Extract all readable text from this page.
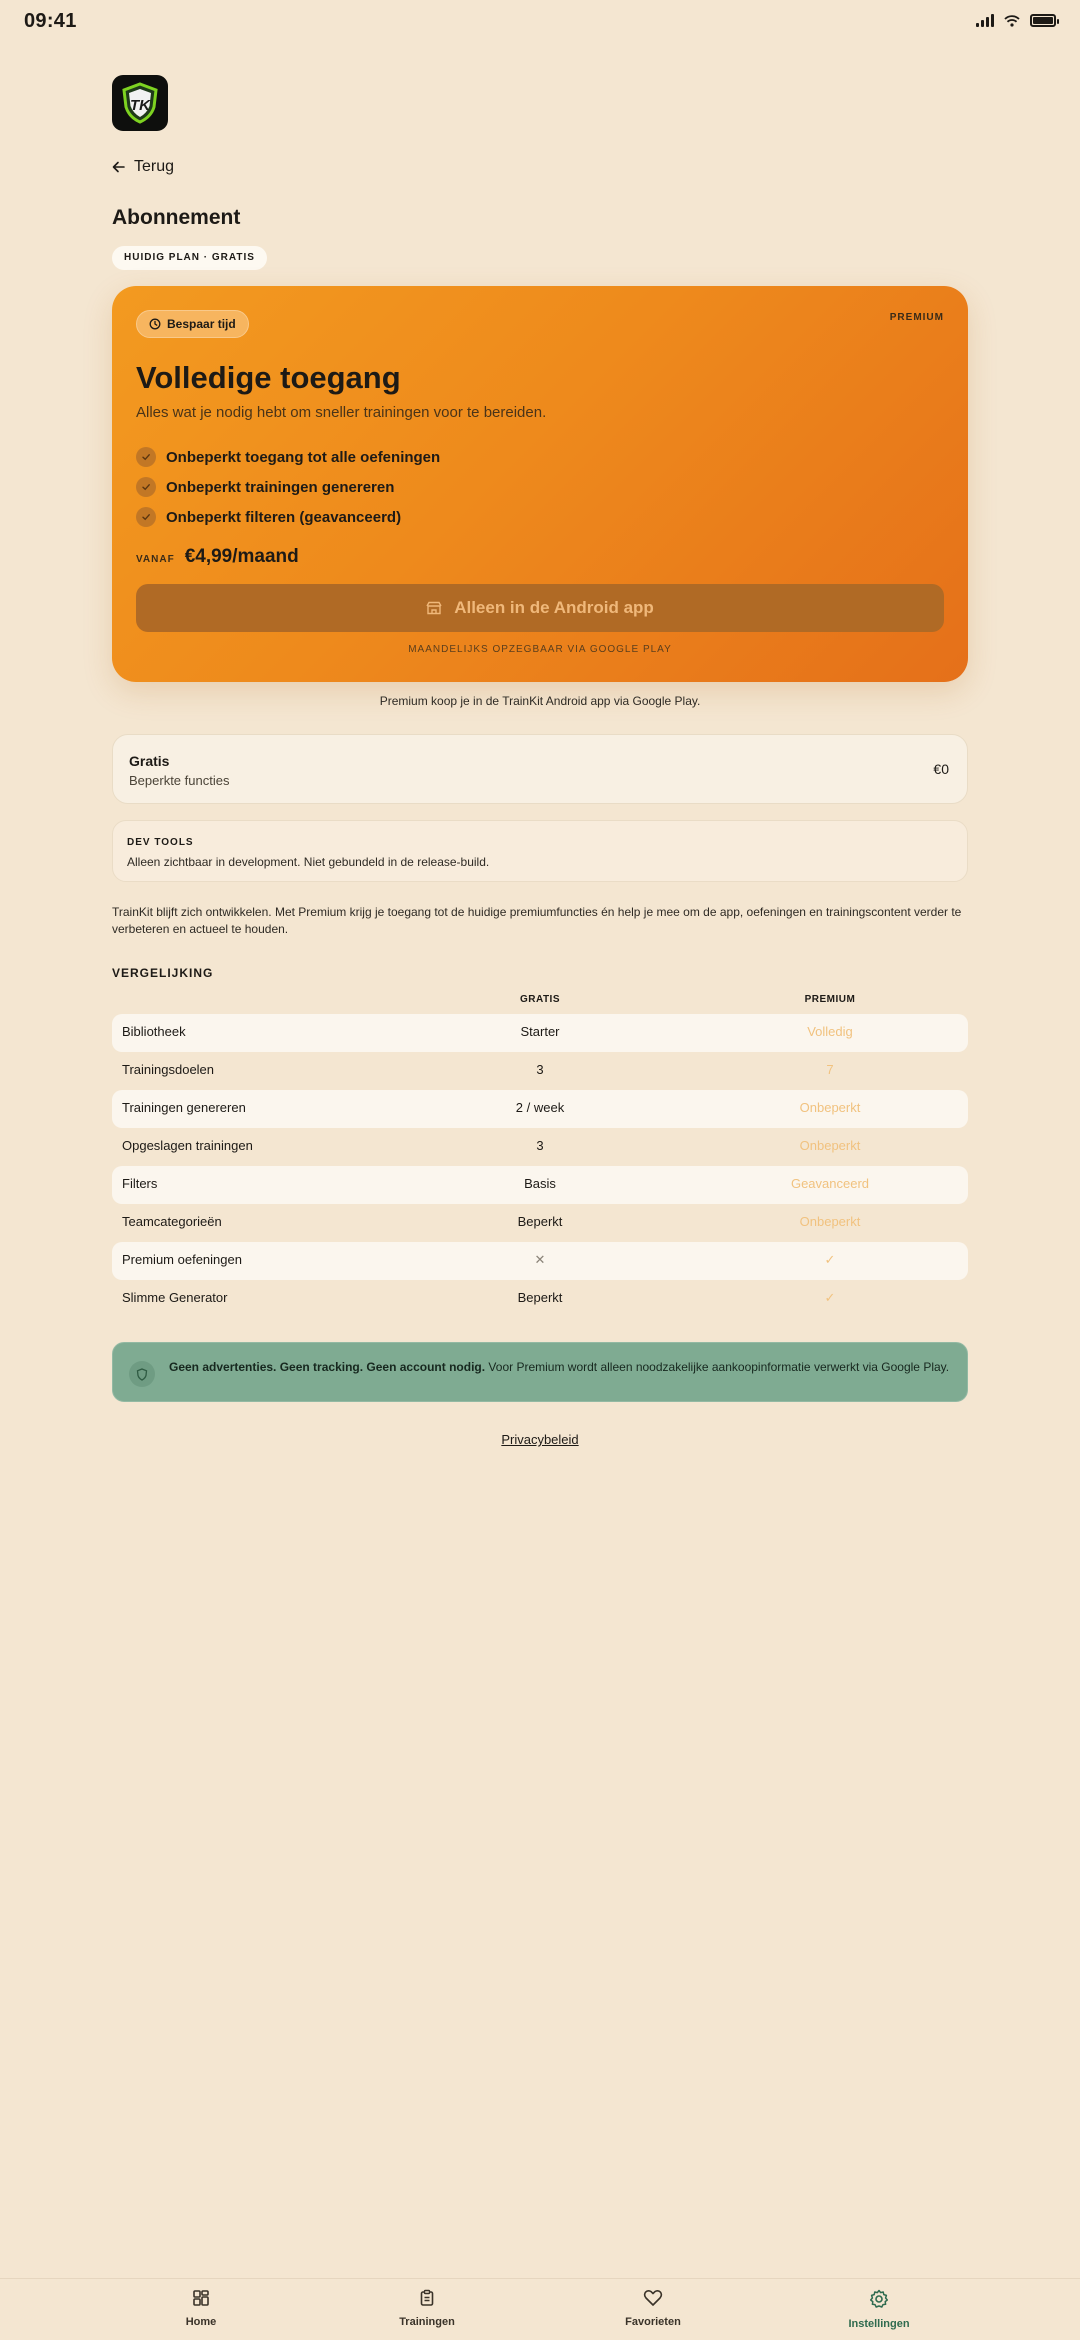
09:41
TK
Terug
Abonnement
HUIDIG PLAN · GRATIS
Bespaar tijd	PREMIUM
Volledige toegang
Alles wat je nodig hebt om sneller trainingen voor te bereiden.
Onbeperkt toegang tot alle oefeningen
Onbeperkt trainingen genereren
Onbeperkt filteren (geavanceerd)
VANAF €4,99/maand
Alleen in de Android app
MAANDELIJKS OPZEGBAAR VIA GOOGLE PLAY
Premium koop je in de TrainKit Android app via Google Play.
Gratis
Beperkte functies
€0
DEV TOOLS
Alleen zichtbaar in development. Niet gebundeld in de release-build.

TrainKit blijft zich ontwikkelen. Met Premium krijg je toegang tot de huidige premiumfuncties én help je mee om de app, oefeningen en trainingscontent verder te verbeteren en actueel te houden.

VERGELIJKING
GRATIS	PREMIUM
Bibliotheek	Starter	Volledig
Trainingsdoelen	3	7
Trainingen genereren	2 / week	Onbeperkt
Opgeslagen trainingen	3	Onbeperkt
Filters	Basis	Geavanceerd
Teamcategorieën	Beperkt	Onbeperkt
Premium oefeningen	✕	✓
Slimme Generator	Beperkt	✓
Geen advertenties. Geen tracking. Geen account nodig. Voor Premium wordt alleen noodzakelijke aankoopinformatie verwerkt via Google Play.
Privacybeleid
Home	Trainingen	Favorieten	Instellingen
